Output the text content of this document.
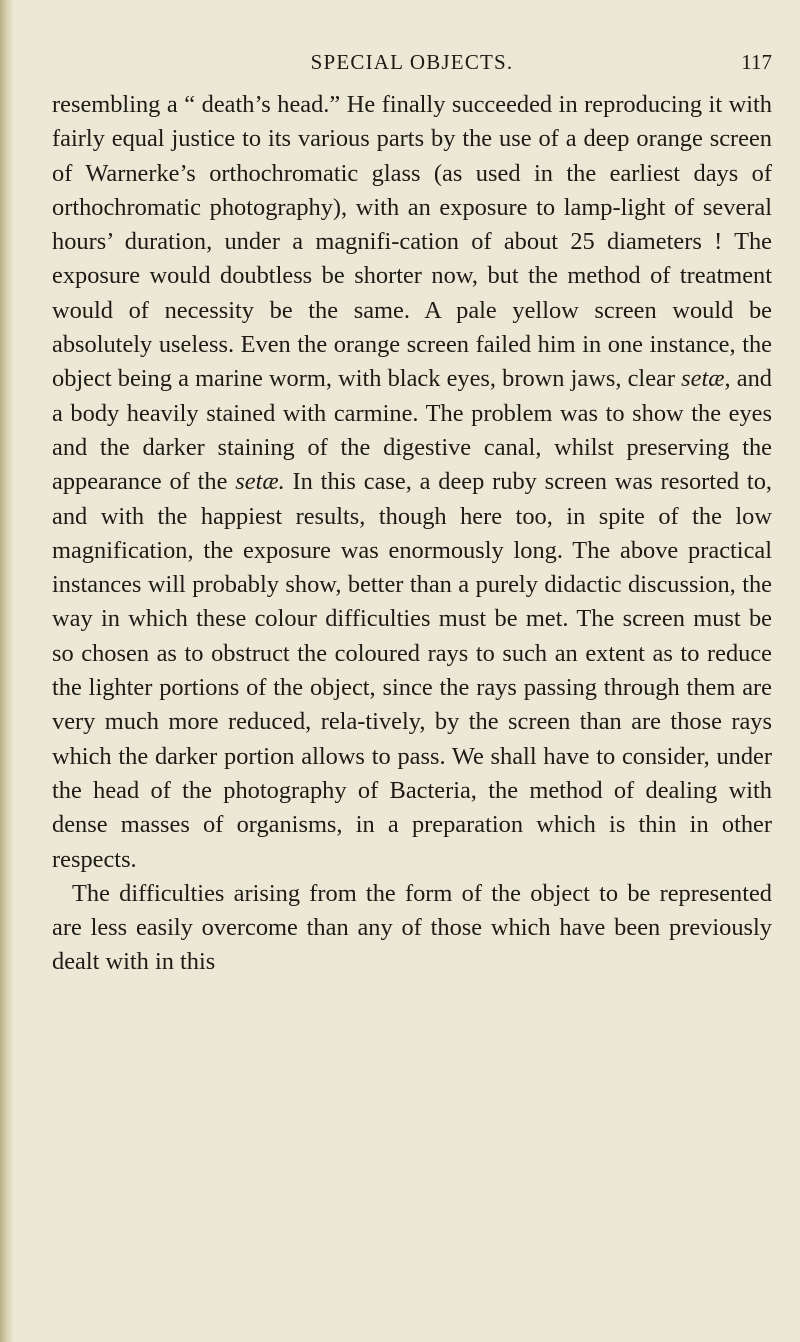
SPECIAL OBJECTS.	117

resembling a “ death’s head.” He finally succeeded in reproducing it with fairly equal justice to its various parts by the use of a deep orange screen of Warnerke’s orthochromatic glass (as used in the earliest days of orthochromatic photography), with an exposure to lamp-light of several hours’ duration, under a magnifi-cation of about 25 diameters ! The exposure would doubtless be shorter now, but the method of treatment would of necessity be the same. A pale yellow screen would be absolutely useless. Even the orange screen failed him in one instance, the object being a marine worm, with black eyes, brown jaws, clear setæ, and a body heavily stained with carmine. The problem was to show the eyes and the darker staining of the digestive canal, whilst preserving the appearance of the setæ. In this case, a deep ruby screen was resorted to, and with the happiest results, though here too, in spite of the low magnification, the exposure was enormously long. The above practical instances will probably show, better than a purely didactic discussion, the way in which these colour difficulties must be met. The screen must be so chosen as to obstruct the coloured rays to such an extent as to reduce the lighter portions of the object, since the rays passing through them are very much more reduced, rela-tively, by the screen than are those rays which the darker portion allows to pass. We shall have to consider, under the head of the photography of Bacteria, the method of dealing with dense masses of organisms, in a preparation which is thin in other respects.

The difficulties arising from the form of the object to be represented are less easily overcome than any of those which have been previously dealt with in this
